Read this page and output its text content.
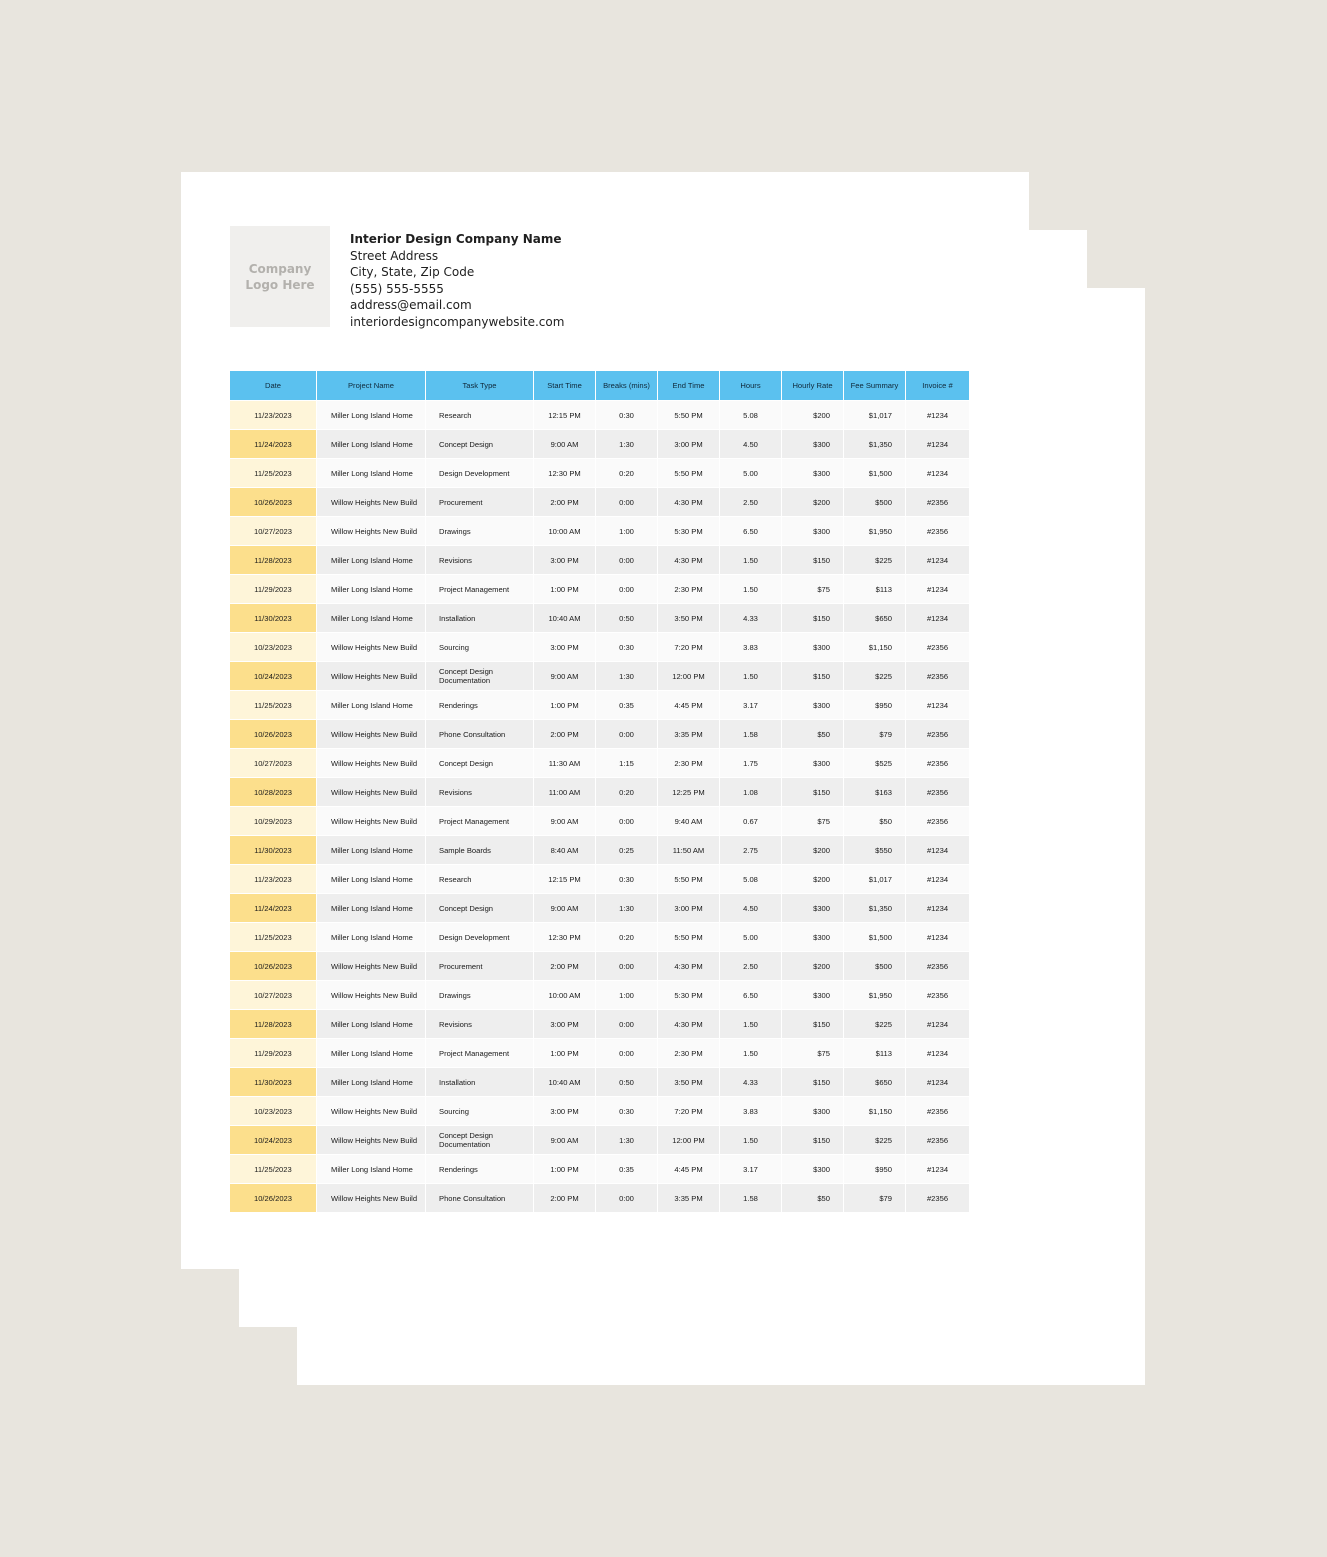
Company Logo Here
Interior Design Company Name
Street Address
City, State, Zip Code
(555) 555-5555
address@email.com
interiordesigncompanywebsite.com
Date	Project Name	Task Type	Start Time	Breaks (mins)	End Time	Hours	Hourly Rate	Fee Summary	Invoice #
11/23/2023	Miller Long Island Home	Research	12:15 PM	0:30	5:50 PM	5.08	$200	$1,017	#1234
11/24/2023	Miller Long Island Home	Concept Design	9:00 AM	1:30	3:00 PM	4.50	$300	$1,350	#1234
11/25/2023	Miller Long Island Home	Design Development	12:30 PM	0:20	5:50 PM	5.00	$300	$1,500	#1234
10/26/2023	Willow Heights New Build	Procurement	2:00 PM	0:00	4:30 PM	2.50	$200	$500	#2356
10/27/2023	Willow Heights New Build	Drawings	10:00 AM	1:00	5:30 PM	6.50	$300	$1,950	#2356
11/28/2023	Miller Long Island Home	Revisions	3:00 PM	0:00	4:30 PM	1.50	$150	$225	#1234
11/29/2023	Miller Long Island Home	Project Management	1:00 PM	0:00	2:30 PM	1.50	$75	$113	#1234
11/30/2023	Miller Long Island Home	Installation	10:40 AM	0:50	3:50 PM	4.33	$150	$650	#1234
10/23/2023	Willow Heights New Build	Sourcing	3:00 PM	0:30	7:20 PM	3.83	$300	$1,150	#2356
10/24/2023	Willow Heights New Build	Concept Design Documentation	9:00 AM	1:30	12:00 PM	1.50	$150	$225	#2356
11/25/2023	Miller Long Island Home	Renderings	1:00 PM	0:35	4:45 PM	3.17	$300	$950	#1234
10/26/2023	Willow Heights New Build	Phone Consultation	2:00 PM	0:00	3:35 PM	1.58	$50	$79	#2356
10/27/2023	Willow Heights New Build	Concept Design	11:30 AM	1:15	2:30 PM	1.75	$300	$525	#2356
10/28/2023	Willow Heights New Build	Revisions	11:00 AM	0:20	12:25 PM	1.08	$150	$163	#2356
10/29/2023	Willow Heights New Build	Project Management	9:00 AM	0:00	9:40 AM	0.67	$75	$50	#2356
11/30/2023	Miller Long Island Home	Sample Boards	8:40 AM	0:25	11:50 AM	2.75	$200	$550	#1234
11/23/2023	Miller Long Island Home	Research	12:15 PM	0:30	5:50 PM	5.08	$200	$1,017	#1234
11/24/2023	Miller Long Island Home	Concept Design	9:00 AM	1:30	3:00 PM	4.50	$300	$1,350	#1234
11/25/2023	Miller Long Island Home	Design Development	12:30 PM	0:20	5:50 PM	5.00	$300	$1,500	#1234
10/26/2023	Willow Heights New Build	Procurement	2:00 PM	0:00	4:30 PM	2.50	$200	$500	#2356
10/27/2023	Willow Heights New Build	Drawings	10:00 AM	1:00	5:30 PM	6.50	$300	$1,950	#2356
11/28/2023	Miller Long Island Home	Revisions	3:00 PM	0:00	4:30 PM	1.50	$150	$225	#1234
11/29/2023	Miller Long Island Home	Project Management	1:00 PM	0:00	2:30 PM	1.50	$75	$113	#1234
11/30/2023	Miller Long Island Home	Installation	10:40 AM	0:50	3:50 PM	4.33	$150	$650	#1234
10/23/2023	Willow Heights New Build	Sourcing	3:00 PM	0:30	7:20 PM	3.83	$300	$1,150	#2356
10/24/2023	Willow Heights New Build	Concept Design Documentation	9:00 AM	1:30	12:00 PM	1.50	$150	$225	#2356
11/25/2023	Miller Long Island Home	Renderings	1:00 PM	0:35	4:45 PM	3.17	$300	$950	#1234
10/26/2023	Willow Heights New Build	Phone Consultation	2:00 PM	0:00	3:35 PM	1.58	$50	$79	#2356
